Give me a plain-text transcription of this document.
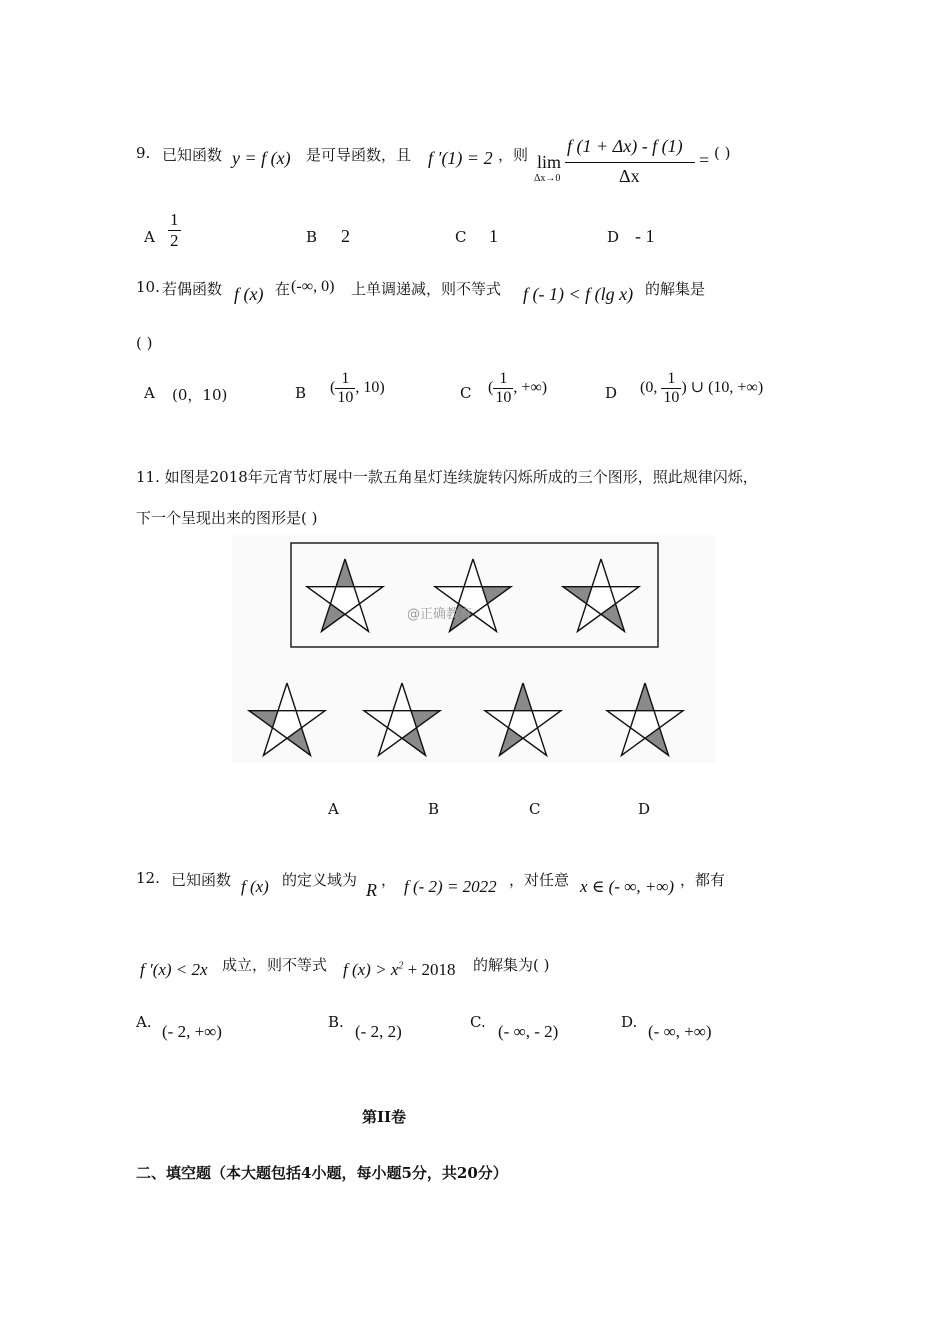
9. 已知函数 y = f (x) 是可导函数，且 f ′(1) = 2 ，则 lim
Δx→0
f (1 + Δx) - f (1)
Δx
= ( )
A $\frac{1}{2}$	B 2	C 1	D - 1
10. 若偶函数 f (x) 在 (-∞, 0) 上单调递减，则不等式 f (- 1) < f (lg x) 的解集是
( )
A (0，10)	B ( $\frac{1}{10}$ , 10)	C ( $\frac{1}{10}$ , +∞)	D (0, $\frac{1}{10}$ ) ∪ (10, +∞)
11. 如图是2018年元宵节灯展中一款五角星灯连续旋转闪烁所成的三个图形，照此规律闪烁，
下一个呈现出来的图形是( )
@正确教育
A	B	C	D
12. 已知函数 f (x) 的定义域为 R ， f (- 2) = 2022 ，对任意 x ∈ (- ∞, +∞) ，都有
f ′(x) < 2x 成立，则不等式 f $(x) > x^2 + 2018$ 的解集为( )
A. (- 2, +∞)	B. (- 2, 2)	C. (- ∞, - 2)	D. (- ∞, +∞)
第II卷
二、填空题（本大题包括4小题，每小题5分，共20分）
